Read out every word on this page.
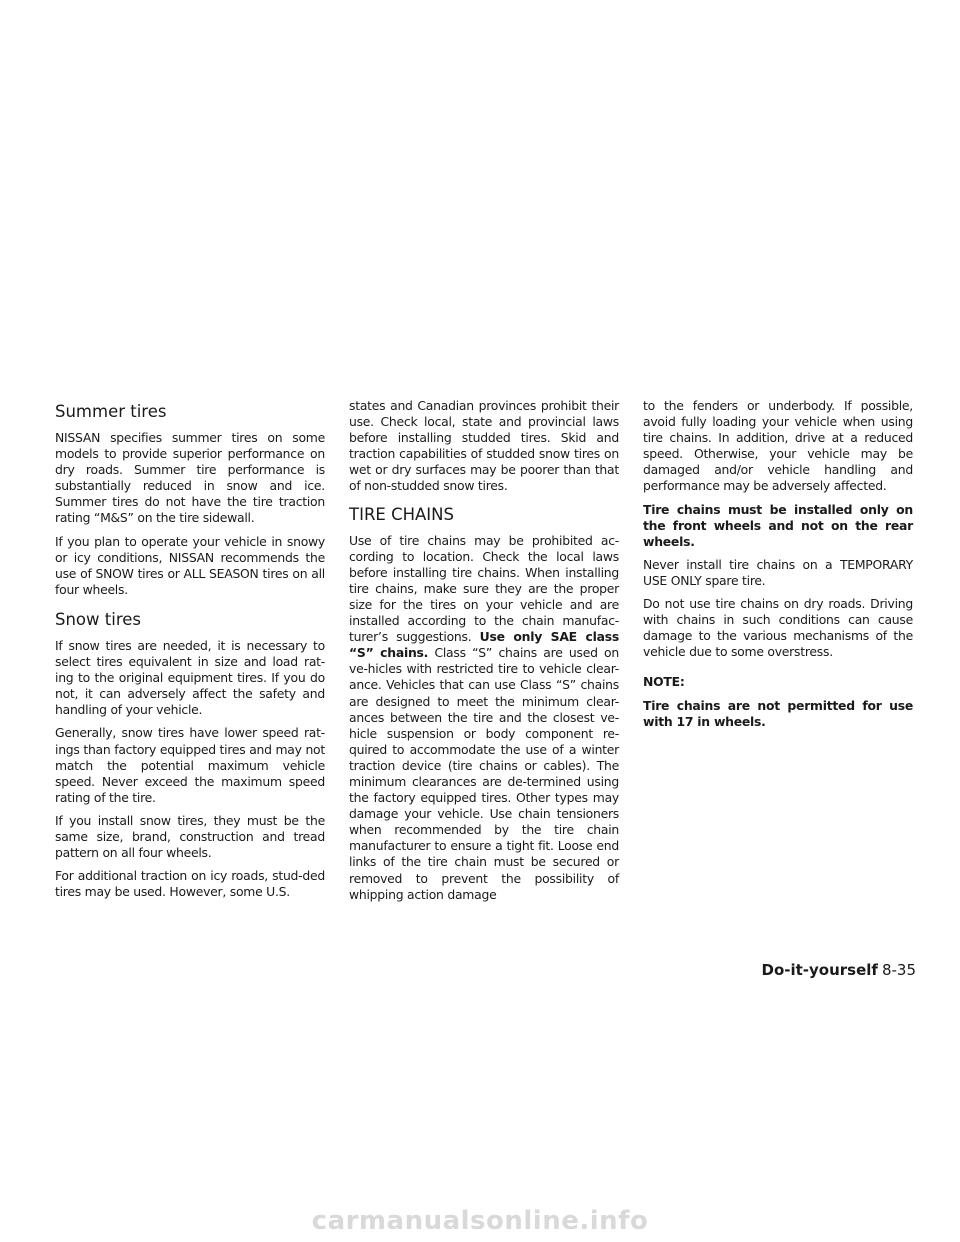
Summer tires

NISSAN specifies summer tires on some models to provide superior performance on dry roads. Summer tire performance is substantially reduced in snow and ice. Summer tires do not have the tire traction rating “M&S” on the tire sidewall.

If you plan to operate your vehicle in snowy or icy conditions, NISSAN recommends the use of SNOW tires or ALL SEASON tires on all four wheels.

Snow tires

If snow tires are needed, it is necessary to select tires equivalent in size and load rat-ing to the original equipment tires. If you do not, it can adversely affect the safety and handling of your vehicle.

Generally, snow tires have lower speed rat-ings than factory equipped tires and may not match the potential maximum vehicle speed. Never exceed the maximum speed rating of the tire.

If you install snow tires, they must be the same size, brand, construction and tread pattern on all four wheels.

For additional traction on icy roads, stud-ded tires may be used. However, some U.S.

states and Canadian provinces prohibit their use. Check local, state and provincial laws before installing studded tires. Skid and traction capabilities of studded snow tires on wet or dry surfaces may be poorer than that of non-studded snow tires.

TIRE CHAINS

Use of tire chains may be prohibited ac-cording to location. Check the local laws before installing tire chains. When installing tire chains, make sure they are the proper size for the tires on your vehicle and are installed according to the chain manufac-turer’s suggestions. Use only SAE class “S” chains. Class “S” chains are used on ve-hicles with restricted tire to vehicle clear-ance. Vehicles that can use Class “S” chains are designed to meet the minimum clear-ances between the tire and the closest ve-hicle suspension or body component re-quired to accommodate the use of a winter traction device (tire chains or cables). The minimum clearances are de-termined using the factory equipped tires. Other types may damage your vehicle. Use chain tensioners when recommended by the tire chain manufacturer to ensure a tight fit. Loose end links of the tire chain must be secured or removed to prevent the possibility of whipping action damage

to the fenders or underbody. If possible, avoid fully loading your vehicle when using tire chains. In addition, drive at a reduced speed. Otherwise, your vehicle may be damaged and/or vehicle handling and performance may be adversely affected.

Tire chains must be installed only on the front wheels and not on the rear wheels.

Never install tire chains on a TEMPORARY USE ONLY spare tire.

Do not use tire chains on dry roads. Driving with chains in such conditions can cause damage to the various mechanisms of the vehicle due to some overstress.

NOTE:

Tire chains are not permitted for use with 17 in wheels.

Do-it-yourself 8-35
carmanualsonline.info
